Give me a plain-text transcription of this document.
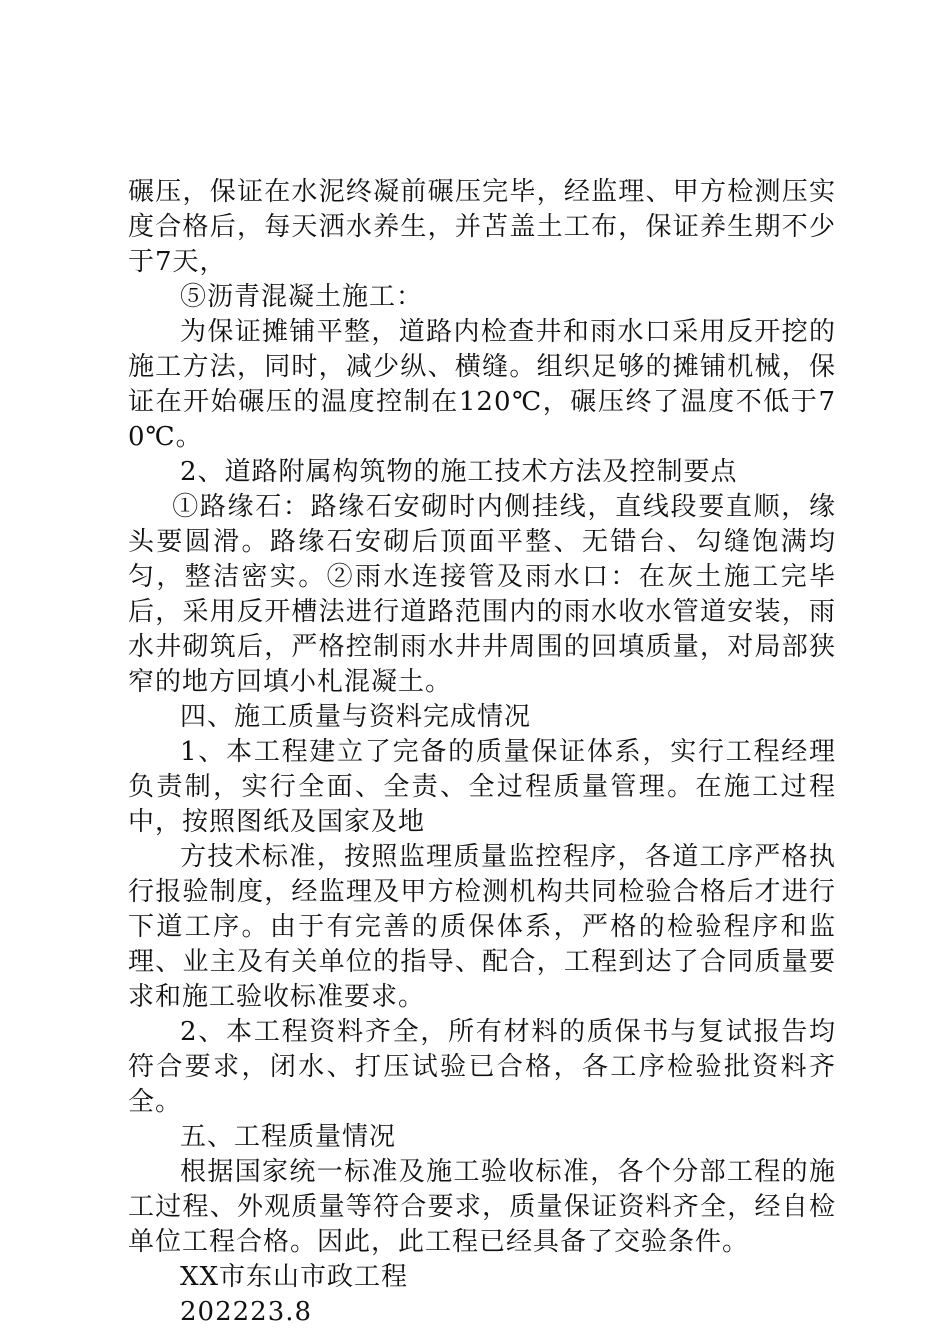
碾压，保证在水泥终凝前碾压完毕，经监理、甲方检测压实度合格后，每天洒水养生，并苫盖土工布，保证养生期不少于7天，

⑤沥青混凝土施工：

为保证摊铺平整，道路内检查井和雨水口采用反开挖的施工方法，同时，减少纵、横缝。组织足够的摊铺机械，保证在开始碾压的温度控制在120℃，碾压终了温度不低于70℃。

2、道路附属构筑物的施工技术方法及控制要点

①路缘石：路缘石安砌时内侧挂线，直线段要直顺，缘头要圆滑。路缘石安砌后顶面平整、无错台、勾缝饱满均匀，整洁密实。②雨水连接管及雨水口：在灰土施工完毕后，采用反开槽法进行道路范围内的雨水收水管道安装，雨水井砌筑后，严格控制雨水井井周围的回填质量，对局部狭窄的地方回填小札混凝土。

四、施工质量与资料完成情况

1、本工程建立了完备的质量保证体系，实行工程经理负责制，实行全面、全责、全过程质量管理。在施工过程中，按照图纸及国家及地

方技术标准，按照监理质量监控程序，各道工序严格执行报验制度，经监理及甲方检测机构共同检验合格后才进行下道工序。由于有完善的质保体系，严格的检验程序和监理、业主及有关单位的指导、配合，工程到达了合同质量要求和施工验收标准要求。

2、本工程资料齐全，所有材料的质保书与复试报告均符合要求，闭水、打压试验已合格，各工序检验批资料齐全。

五、工程质量情况

根据国家统一标准及施工验收标准，各个分部工程的施工过程、外观质量等符合要求，质量保证资料齐全，经自检单位工程合格。因此，此工程已经具备了交验条件。

XX市东山市政工程

202223.8
